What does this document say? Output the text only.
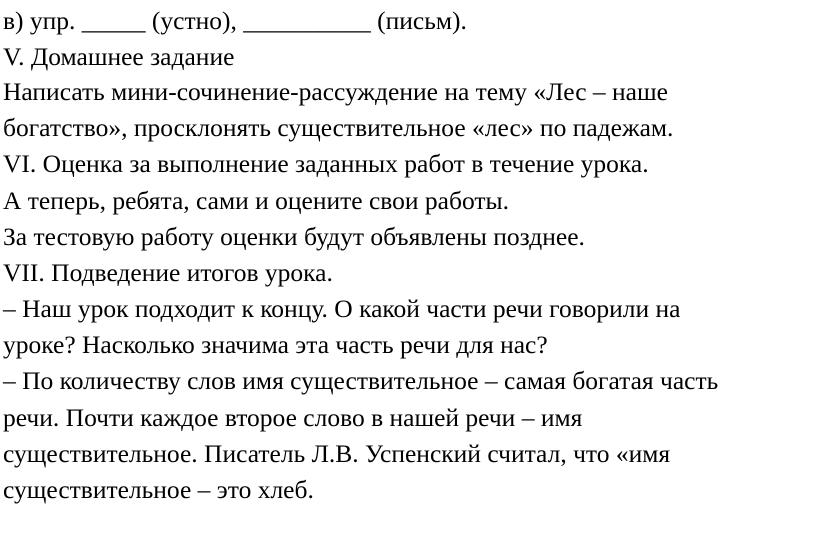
в) упр. _____ (устно), __________ (письм).

V. Домашнее задание

Написать мини-сочинение-рассуждение на тему «Лес – наше

богатство», просклонять существительное «лес» по падежам.

VI. Оценка за выполнение заданных работ в течение урока.

А теперь, ребята, сами и оцените свои работы.

За тестовую работу оценки будут объявлены позднее.

VII. Подведение итогов урока.

– Наш урок подходит к концу. О какой части речи говорили на

уроке? Насколько значима эта часть речи для нас?

– По количеству слов имя существительное – самая богатая часть

речи. Почти каждое второе слово в нашей речи – имя

существительное. Писатель Л.В. Успенский считал, что «имя

существительное – это хлеб.
